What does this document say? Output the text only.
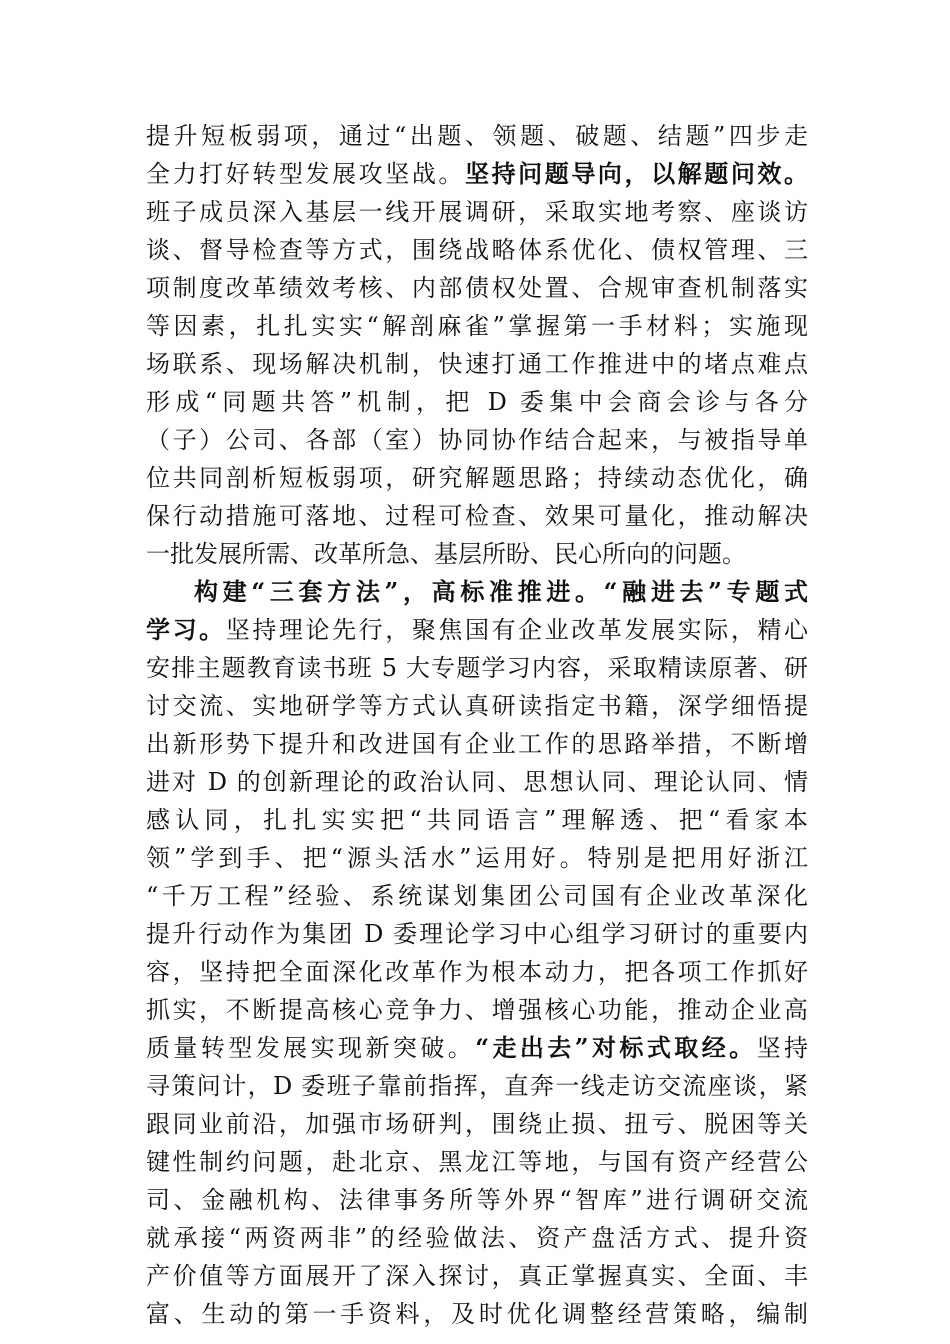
提升短板弱项，通过“出题、领题、破题、结题”四步走
全力打好转型发展攻坚战。坚持问题导向，以解题问效。
班子成员深入基层一线开展调研，采取实地考察、座谈访
谈、督导检查等方式，围绕战略体系优化、债权管理、三
项制度改革绩效考核、内部债权处置、合规审查机制落实
等因素，扎扎实实“解剖麻雀”掌握第一手材料；实施现
场联系、现场解决机制，快速打通工作推进中的堵点难点
形成“同题共答”机制，把 D 委集中会商会诊与各分
（子）公司、各部（室）协同协作结合起来，与被指导单
位共同剖析短板弱项，研究解题思路；持续动态优化，确
保行动措施可落地、过程可检查、效果可量化，推动解决
一批发展所需、改革所急、基层所盼、民心所向的问题。
构建“三套方法”，高标准推进。“融进去”专题式
学习。坚持理论先行，聚焦国有企业改革发展实际，精心
安排主题教育读书班 5 大专题学习内容，采取精读原著、研
讨交流、实地研学等方式认真研读指定书籍，深学细悟提
出新形势下提升和改进国有企业工作的思路举措，不断增
进对 D 的创新理论的政治认同、思想认同、理论认同、情
感认同，扎扎实实把“共同语言”理解透、把“看家本
领”学到手、把“源头活水”运用好。特别是把用好浙江
“千万工程”经验、系统谋划集团公司国有企业改革深化
提升行动作为集团 D 委理论学习中心组学习研讨的重要内
容，坚持把全面深化改革作为根本动力，把各项工作抓好
抓实，不断提高核心竞争力、增强核心功能，推动企业高
质量转型发展实现新突破。“走出去”对标式取经。坚持
寻策问计，D 委班子靠前指挥，直奔一线走访交流座谈，紧
跟同业前沿，加强市场研判，围绕止损、扭亏、脱困等关
键性制约问题，赴北京、黑龙江等地，与国有资产经营公
司、金融机构、法律事务所等外界“智库”进行调研交流
就承接“两资两非”的经验做法、资产盘活方式、提升资
产价值等方面展开了深入探讨，真正掌握真实、全面、丰
富、生动的第一手资料，及时优化调整经营策略，编制
